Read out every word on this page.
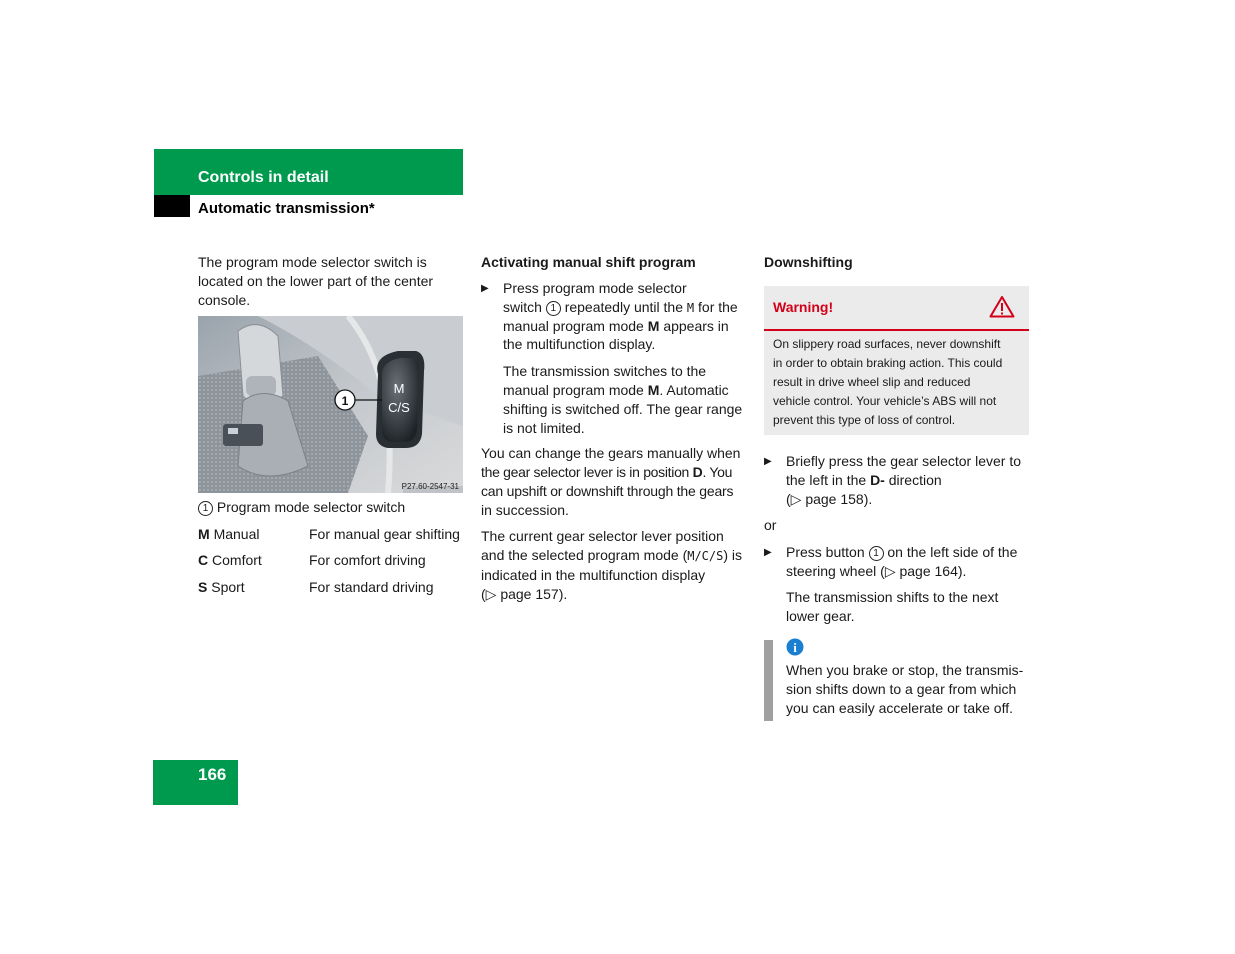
Controls in detail
Automatic transmission*
The program mode selector switch is located on the lower part of the center console.
M
C/S
1
P27.60-2547-31
1 Program mode selector switch
M Manual	For manual gear shifting
C Comfort	For comfort driving
S Sport	For standard driving
Activating manual shift program
▶ Press program mode selector
switch 1 repeatedly until the M for the
manual program mode M appears in
the multifunction display.
The transmission switches to the
manual program mode M. Automatic
shifting is switched off. The gear range
is not limited.
You can change the gears manually when
the gear selector lever is in position D. You
can upshift or downshift through the gears
in succession.
The current gear selector lever position
and the selected program mode (M/C/S) is
indicated in the multifunction display
(▷ page 157).
Downshifting
Warning!
On slippery road surfaces, never downshift
in order to obtain braking action. This could
result in drive wheel slip and reduced
vehicle control. Your vehicle’s ABS will not
prevent this type of loss of control.
▶ Briefly press the gear selector lever to
the left in the D- direction
(▷ page 158).
or
▶ Press button 1 on the left side of the
steering wheel (▷ page 164).
The transmission shifts to the next
lower gear.
i
When you brake or stop, the transmis-
sion shifts down to a gear from which
you can easily accelerate or take off.
166
